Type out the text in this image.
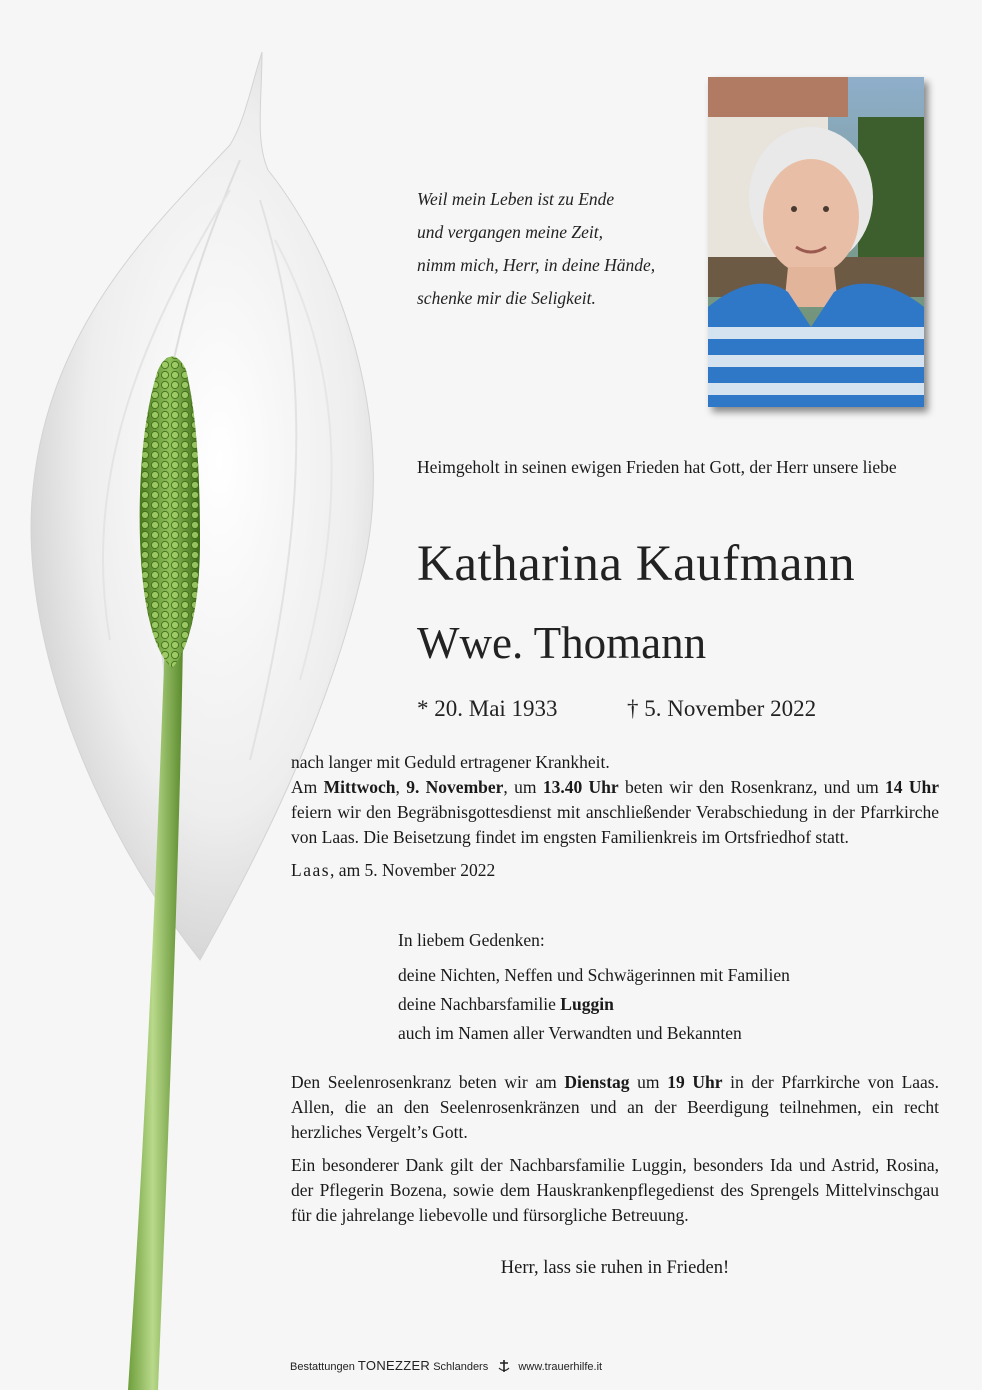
Weil mein Leben ist zu Ende
und vergangen meine Zeit,
nimm mich, Herr, in deine Hände,
schenke mir die Seligkeit.
Heimgeholt in seinen ewigen Frieden hat Gott, der Herr unsere liebe
Katharina Kaufmann
Wwe. Thomann
* 20. Mai 1933	† 5. November 2022

nach langer mit Geduld ertragener Krankheit.

Am Mittwoch, 9. November, um 13.40 Uhr beten wir den Rosenkranz, und um 14 Uhr feiern wir den Begräbnisgottesdienst mit anschließender Verabschiedung in der Pfarrkirche von Laas. Die Beisetzung findet im engsten Familienkreis im Ortsfriedhof statt.

Laas, am 5. November 2022

In liebem Gedenken:
deine Nichten, Neffen und Schwägerinnen mit Familien
deine Nachbarsfamilie Luggin
auch im Namen aller Verwandten und Bekannten

Den Seelenrosenkranz beten wir am Dienstag um 19 Uhr in der Pfarrkirche von Laas. Allen, die an den Seelenrosenkränzen und an der Beerdigung teilnehmen, ein recht herzliches Vergelt’s Gott.

Ein besonderer Dank gilt der Nachbarsfamilie Luggin, besonders Ida und Astrid, Rosina, der Pflegerin Bozena, sowie dem Hauskrankenpflegedienst des Sprengels Mittelvinschgau für die jahrelange liebevolle und fürsorgliche Betreuung.

Herr, lass sie ruhen in Frieden!
Bestattungen TONEZZER Schlanders	www.trauerhilfe.it
